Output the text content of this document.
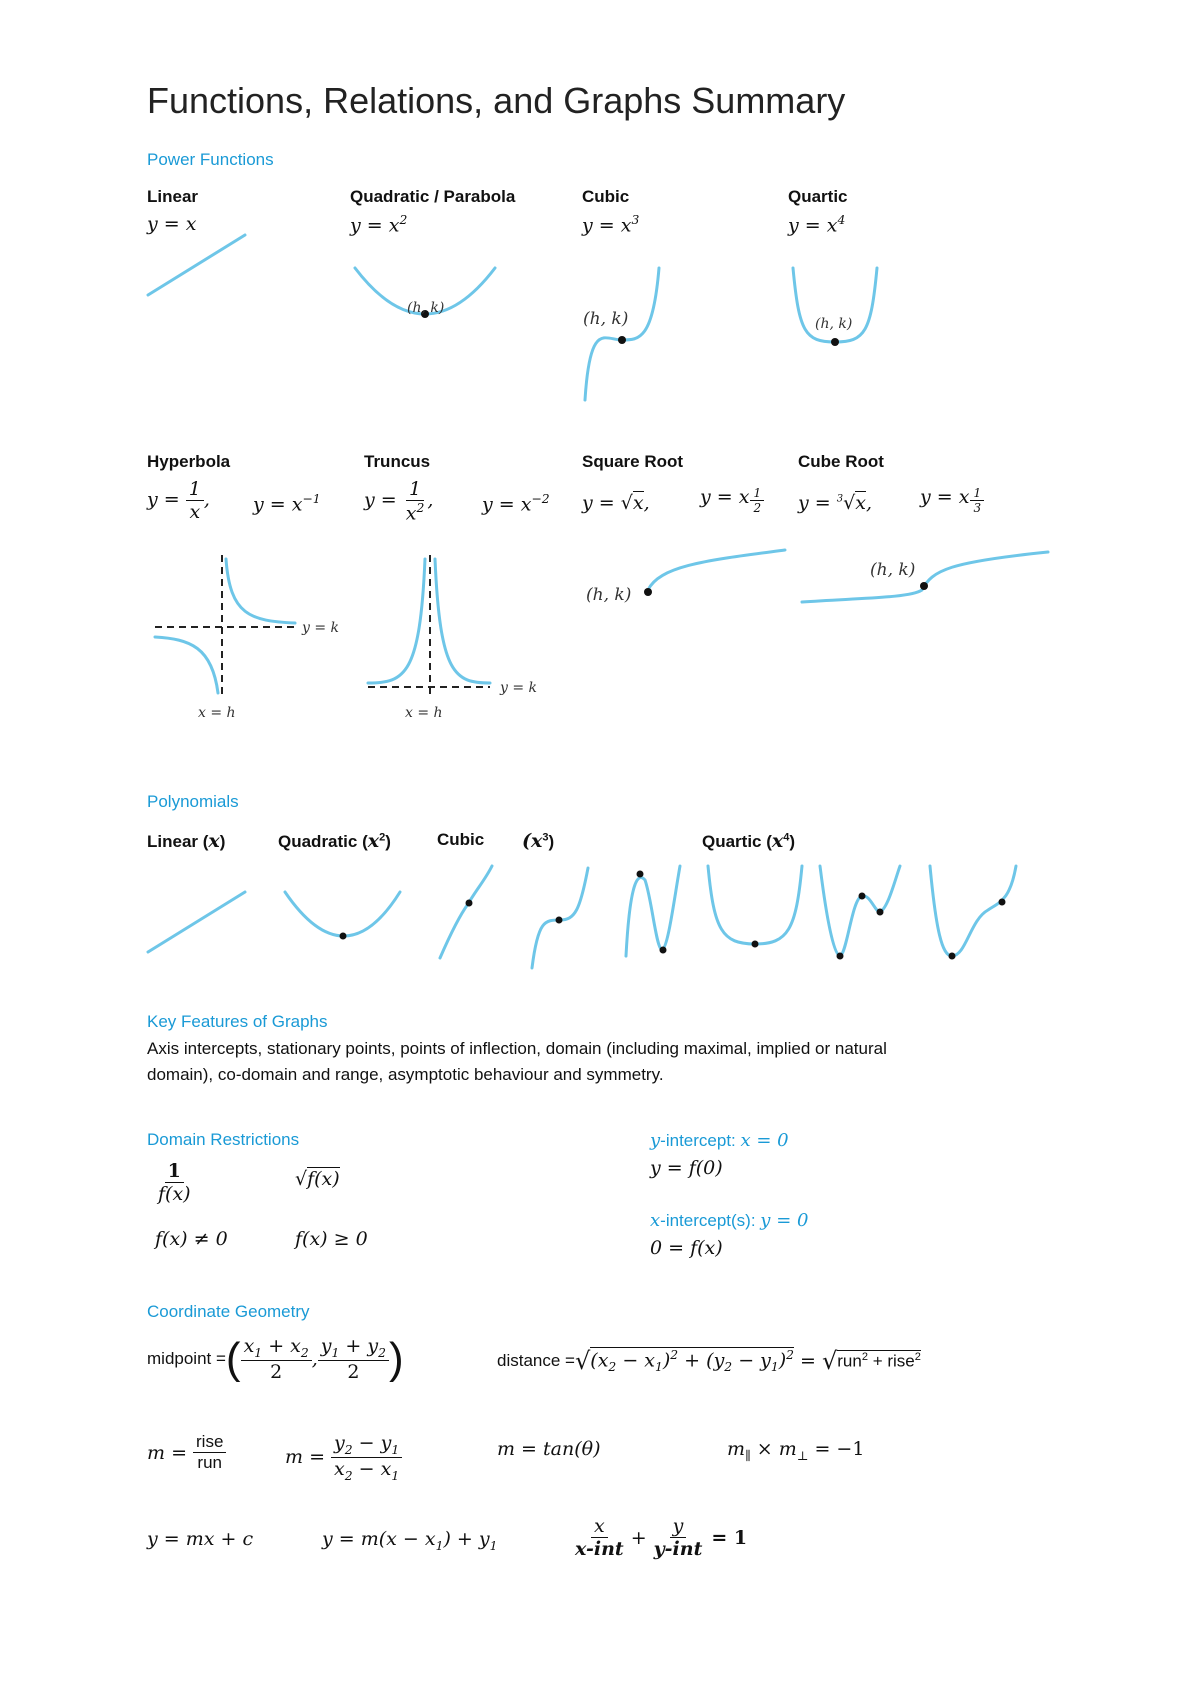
Functions, Relations, and Graphs Summary
Power Functions
Linear
y = x
Quadratic / Parabola
$y = x^2$
(h, k)
Cubic
$y = x^3$
(h, k)
Quartic
$y = x^4$
(h, k)
Hyperbola
$y = \frac{1}{x}$ , $y = x^{-1}$
y = k
x = h
Truncus
$y = \frac{1}{x^2}$ ,	$y = x^{-2}$
y = k
x = h
Square Root
y = √x,	y = x $\frac{1}{2}$
(h, k)
Cube Root
y = $^3$√x,	y = x $\frac{1}{3}$
(h, k)
Polynomials
Linear (x)	Quadratic $(x^2)$	Cubic $(x^3)$	Quartic $(x^4)$
Key Features of Graphs
Axis intercepts, stationary points, points of inflection, domain (including maximal, implied or natural
domain), co-domain and range, asymptotic behaviour and symmetry.
Domain Restrictions
$\frac{1}{f(x)}$	√f(x)
f(x) ≠ 0	f(x) ≥ 0
y-intercept: x = 0
y = f(0)
x-intercept(s): y = 0
0 = f(x)
Coordinate Geometry
midpoint = ( $\frac{x_1 + x_2}{2}$ , $\frac{y_1 + y_2}{2}$ )	distance = √ $(x_2 - x_1)^2 + (y_2 - y_1)^2$ = √ run$^2$ + rise$^2$
$m = \frac{\text{rise}}{\text{run}}$	$m = \frac{y_2 - y_1}{x_2 - x_1}$	m = tan(θ)	$m_\parallel \times m_\perp = -1$
y = mx + c	$y = m(x - x_1) + y_1$	$\frac{x}{\text{x-int}} + \frac{y}{\text{y-int}} = 1$
